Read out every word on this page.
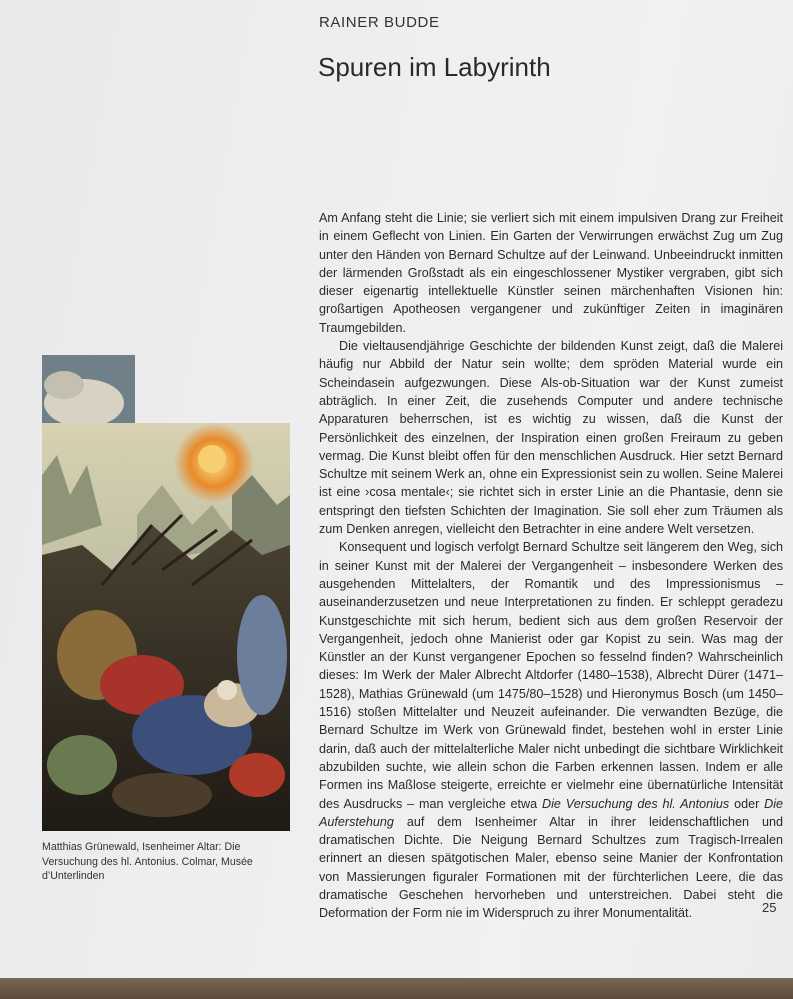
RAINER BUDDE
Spuren im Labyrinth
Matthias Grünewald, Isenheimer Altar: Die Versuchung des hl. Antonius. Colmar, Musée d’Unterlinden

Am Anfang steht die Linie; sie verliert sich mit einem impulsiven Drang zur Freiheit in einem Geflecht von Linien. Ein Garten der Verwirrungen erwächst Zug um Zug unter den Händen von Bernard Schultze auf der Leinwand. Unbeeindruckt inmitten der lärmenden Großstadt als ein eingeschlossener Mystiker vergraben, gibt sich dieser eigenartig intellektuelle Künstler seinen märchenhaften Visionen hin: großartigen Apotheosen vergangener und zukünftiger Zeiten in imaginären Traumgebilden.

Die vieltausendjährige Geschichte der bildenden Kunst zeigt, daß die Malerei häufig nur Abbild der Natur sein wollte; dem spröden Material wurde ein Scheindasein aufgezwungen. Diese Als-ob-Situation war der Kunst zumeist abträglich. In einer Zeit, die zusehends Computer und andere technische Apparaturen beherrschen, ist es wichtig zu wissen, daß die Kunst der Persönlichkeit des einzelnen, der Inspiration einen großen Freiraum zu geben vermag. Die Kunst bleibt offen für den menschlichen Ausdruck. Hier setzt Bernard Schultze mit seinem Werk an, ohne ein Expressionist sein zu wollen. Seine Malerei ist eine ›cosa mentale‹; sie richtet sich in erster Linie an die Phantasie, denn sie entspringt den tiefsten Schichten der Imagination. Sie soll eher zum Träumen als zum Denken anregen, vielleicht den Betrachter in eine andere Welt versetzen.

Konsequent und logisch verfolgt Bernard Schultze seit längerem den Weg, sich in seiner Kunst mit der Malerei der Vergangenheit – insbesondere Werken des ausgehenden Mittelalters, der Romantik und des Impressionismus – auseinanderzusetzen und neue Interpretationen zu finden. Er schleppt geradezu Kunstgeschichte mit sich herum, bedient sich aus dem großen Reservoir der Vergangenheit, jedoch ohne Manierist oder gar Kopist zu sein. Was mag der Künstler an der Kunst vergangener Epochen so fesselnd finden? Wahrscheinlich dieses: Im Werk der Maler Albrecht Altdorfer (1480–1538), Albrecht Dürer (1471–1528), Mathias Grünewald (um 1475/80–1528) und Hieronymus Bosch (um 1450–1516) stoßen Mittelalter und Neuzeit aufeinander. Die verwandten Bezüge, die Bernard Schultze im Werk von Grünewald findet, bestehen wohl in erster Linie darin, daß auch der mittelalterliche Maler nicht unbedingt die sichtbare Wirklichkeit abzubilden suchte, wie allein schon die Farben erkennen lassen. Indem er alle Formen ins Maßlose steigerte, erreichte er vielmehr eine übernatürliche Intensität des Ausdrucks – man vergleiche etwa Die Versuchung des hl. Antonius oder Die Auferstehung auf dem Isenheimer Altar in ihrer leidenschaftlichen und dramatischen Dichte. Die Neigung Bernard Schultzes zum Tragisch-Irrealen erinnert an diesen spätgotischen Maler, ebenso seine Manier der Konfrontation von Massierungen figuraler Formationen mit der fürchterlichen Leere, die das dramatische Geschehen hervorheben und unterstreichen. Dabei steht die Deformation der Form nie im Widerspruch zu ihrer Monumentalität.	25
